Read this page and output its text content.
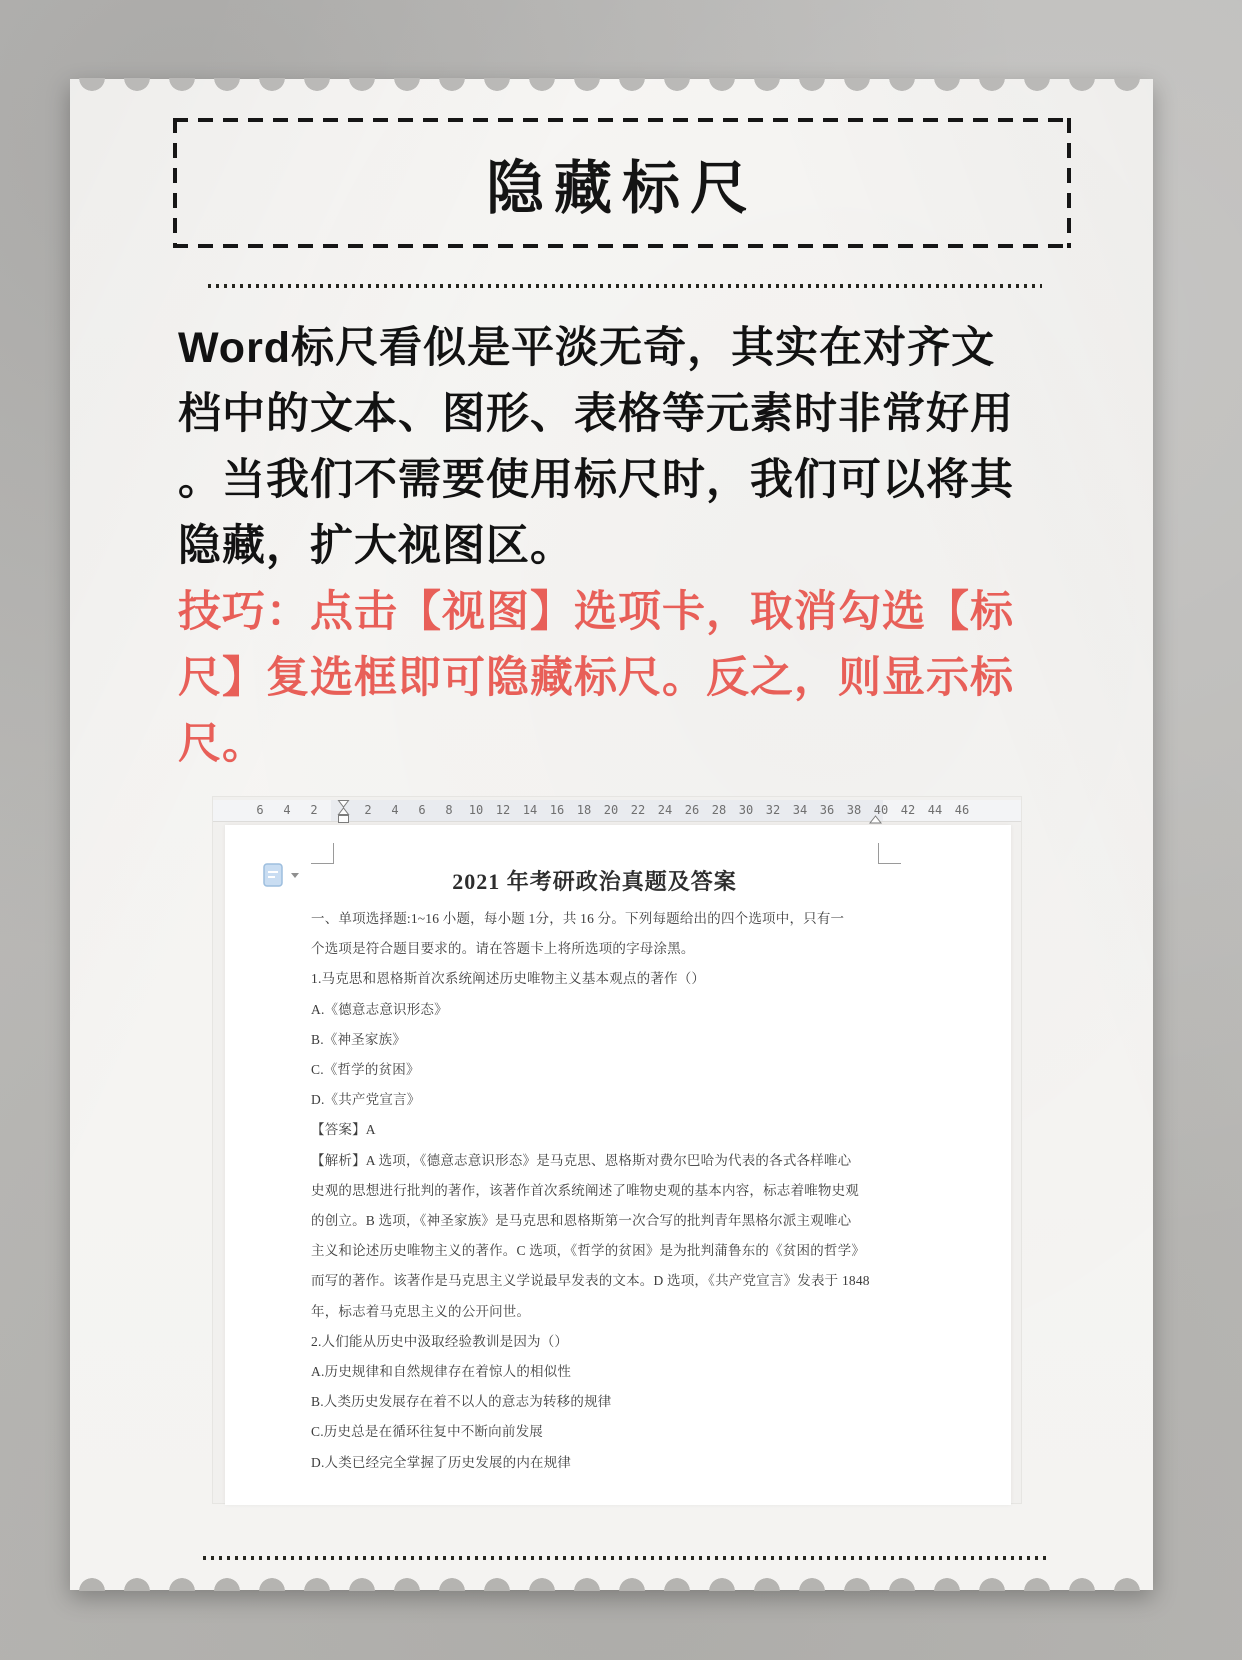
隐藏标尺
Word标尺看似是平淡无奇，其实在对齐文
档中的文本、图形、表格等元素时非常好用
。当我们不需要使用标尺时，我们可以将其
隐藏，扩大视图区。
技巧：点击【视图】选项卡，取消勾选【标
尺】复选框即可隐藏标尺。反之，则显示标
尺。
6 4 2	2 4 6 8 10 12 14 16 18 20 22 24 26 28 30 32 34 36 38 40 42 44 46
2021 年考研政治真题及答案
一、单项选择题:1~16 小题，每小题 1分，共 16 分。下列每题给出的四个选项中，只有一
个选项是符合题目要求的。请在答题卡上将所选项的字母涂黑。
1.马克思和恩格斯首次系统阐述历史唯物主义基本观点的著作（）
A.《德意志意识形态》
B.《神圣家族》
C.《哲学的贫困》
D.《共产党宣言》
【答案】A
【解析】A 选项，《德意志意识形态》是马克思、恩格斯对费尔巴哈为代表的各式各样唯心
史观的思想进行批判的著作，该著作首次系统阐述了唯物史观的基本内容，标志着唯物史观
的创立。B 选项，《神圣家族》是马克思和恩格斯第一次合写的批判青年黑格尔派主观唯心
主义和论述历史唯物主义的著作。C 选项，《哲学的贫困》是为批判蒲鲁东的《贫困的哲学》
而写的著作。该著作是马克思主义学说最早发表的文本。D 选项，《共产党宣言》发表于 1848
年，标志着马克思主义的公开问世。
2.人们能从历史中汲取经验教训是因为（）
A.历史规律和自然规律存在着惊人的相似性
B.人类历史发展存在着不以人的意志为转移的规律
C.历史总是在循环往复中不断向前发展
D.人类已经完全掌握了历史发展的内在规律
